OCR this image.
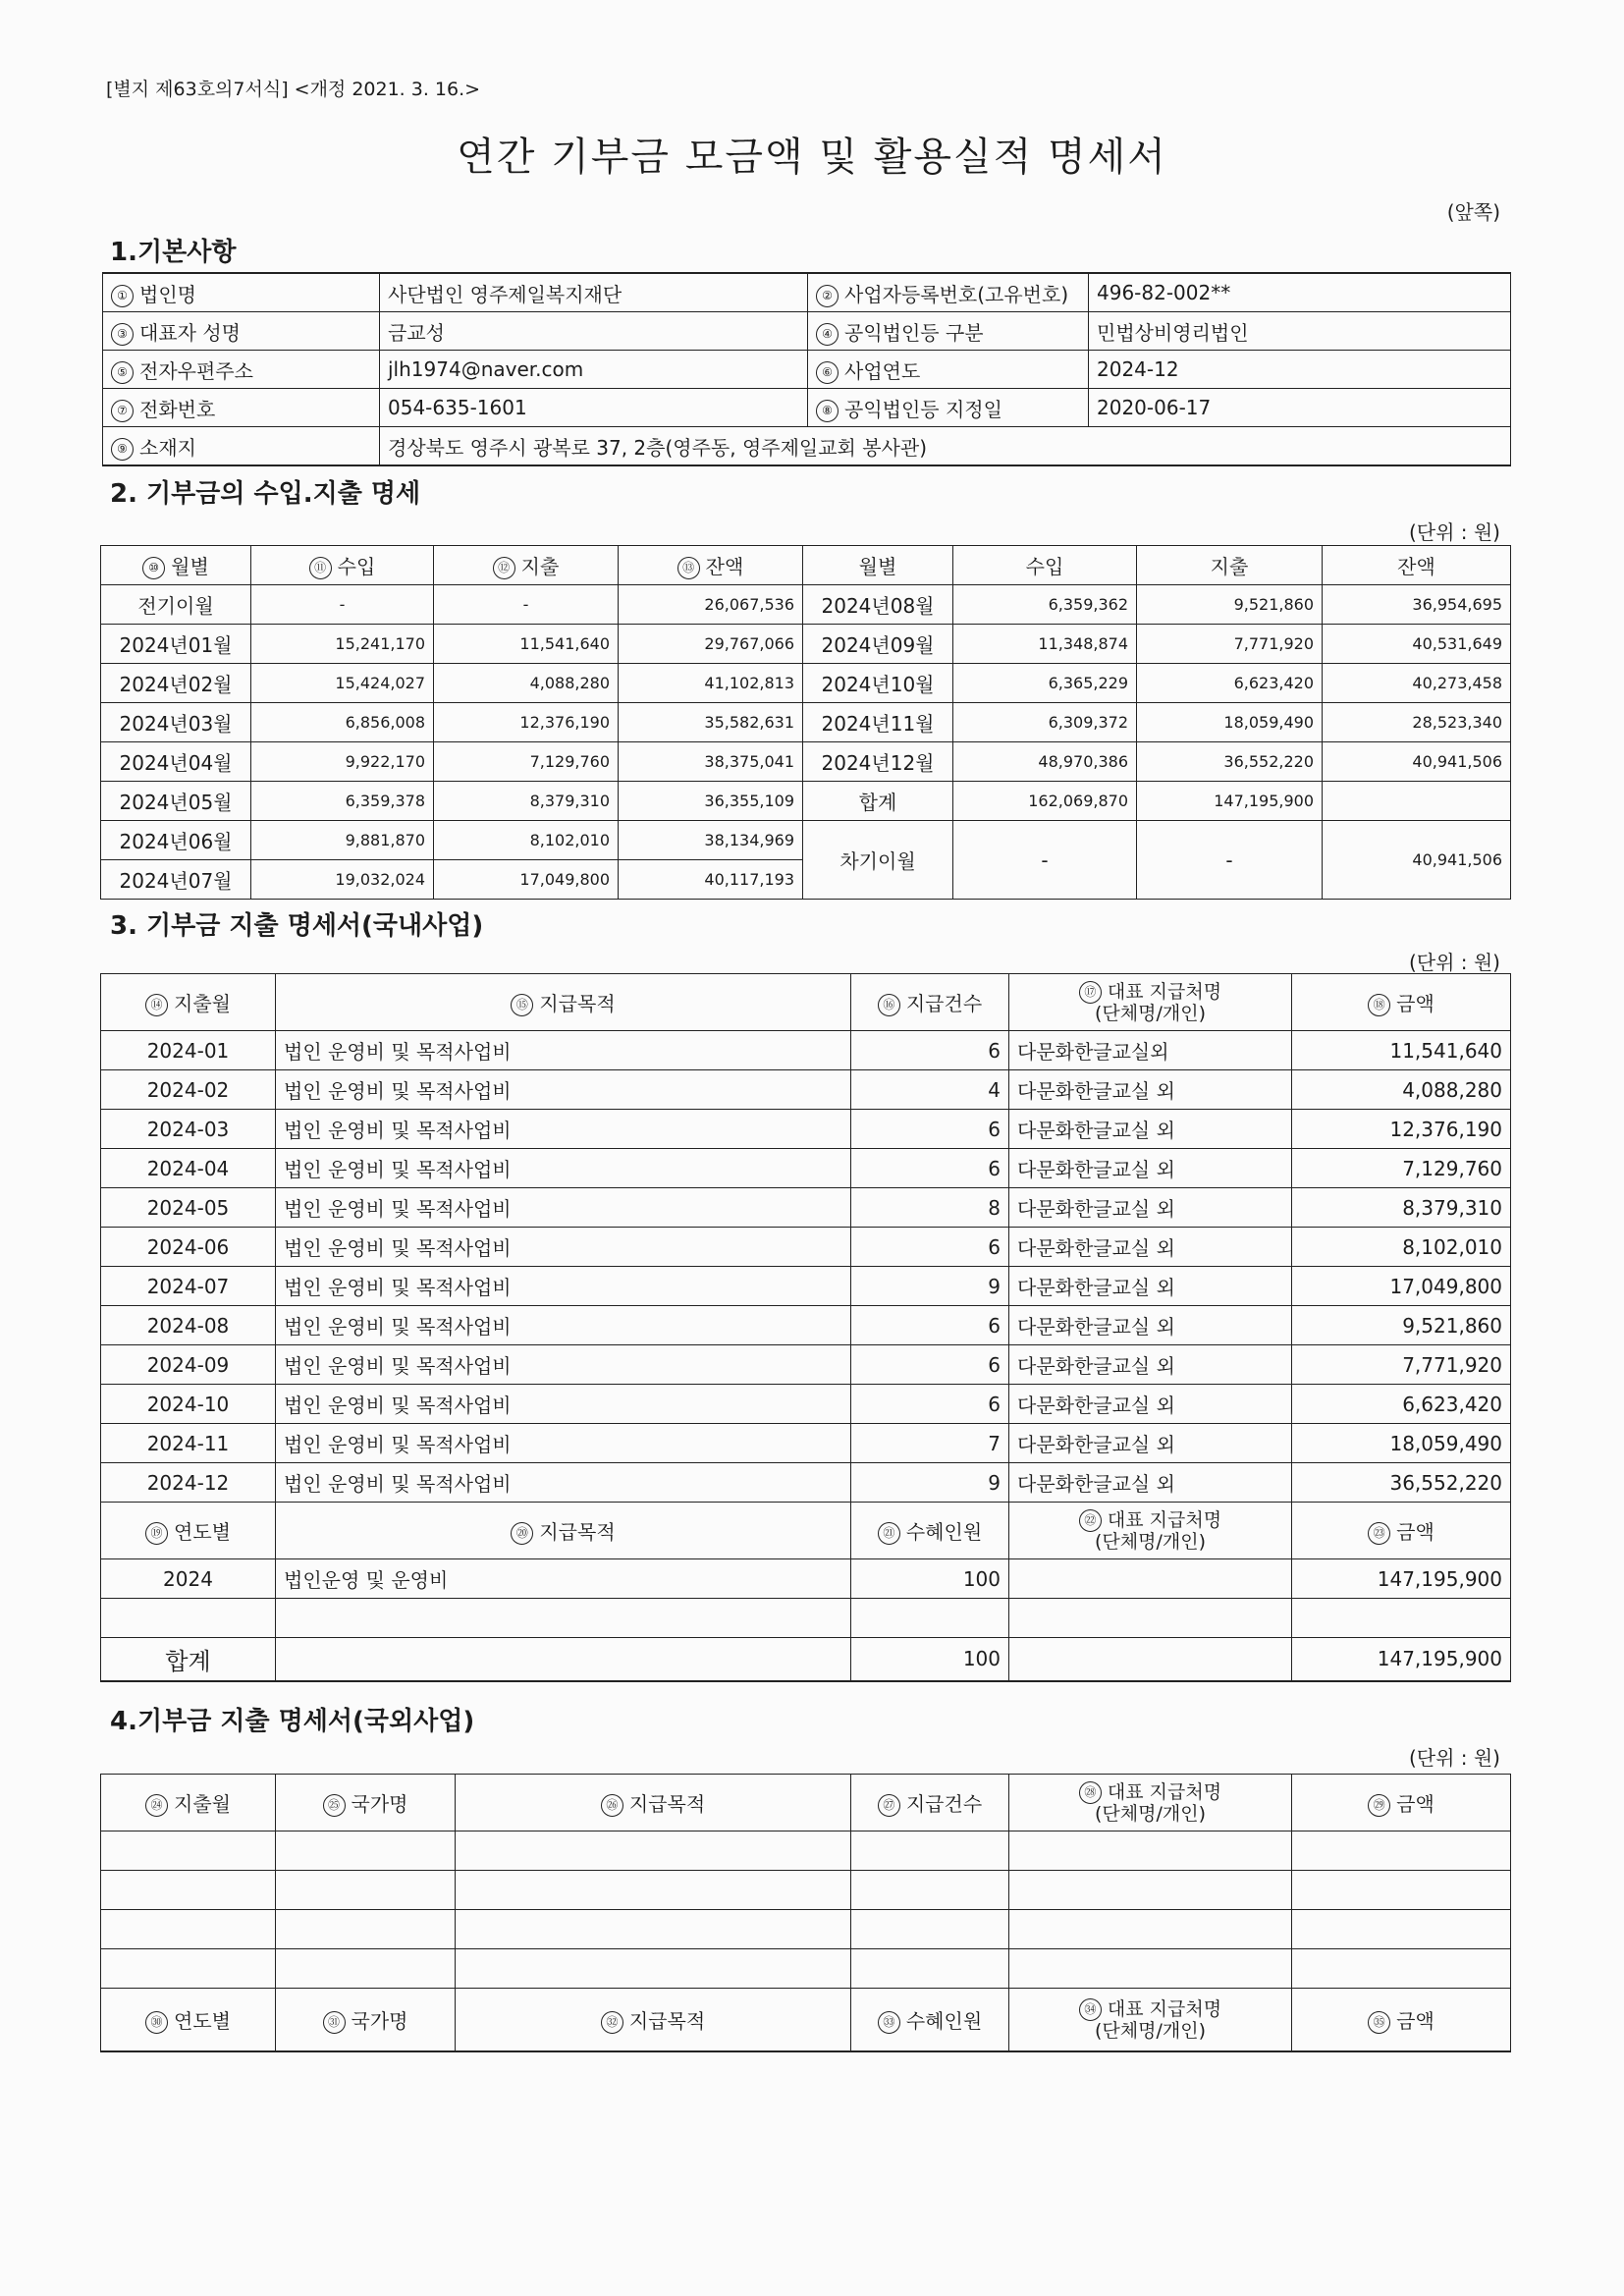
[별지 제63호의7서식] <개정 2021. 3. 16.>
연간 기부금 모금액 및 활용실적 명세서
(앞쪽)
1.기본사항
① 법인명	사단법인 영주제일복지재단	② 사업자등록번호(고유번호)	496-82-002**
③ 대표자 성명	금교성	④ 공익법인등 구분	민법상비영리법인
⑤ 전자우편주소	jlh1974@naver.com	⑥ 사업연도	2024-12
⑦ 전화번호	054-635-1601	⑧ 공익법인등 지정일	2020-06-17
⑨ 소재지	경상북도 영주시 광복로 37, 2층(영주동, 영주제일교회 봉사관)		
2. 기부금의 수입.지출 명세
(단위 : 원)
⑩ 월별	⑪ 수입	⑫ 지출	⑬ 잔액	월별	수입	지출	잔액
전기이월	-	-	26,067,536	2024년08월	6,359,362	9,521,860	36,954,695
2024년01월	15,241,170	11,541,640	29,767,066	2024년09월	11,348,874	7,771,920	40,531,649
2024년02월	15,424,027	4,088,280	41,102,813	2024년10월	6,365,229	6,623,420	40,273,458
2024년03월	6,856,008	12,376,190	35,582,631	2024년11월	6,309,372	18,059,490	28,523,340
2024년04월	9,922,170	7,129,760	38,375,041	2024년12월	48,970,386	36,552,220	40,941,506
2024년05월	6,359,378	8,379,310	36,355,109	합계	162,069,870	147,195,900	
2024년06월	9,881,870	8,102,010	38,134,969	차기이월	-	-	40,941,506
2024년07월	19,032,024	17,049,800	40,117,193				
3. 기부금 지출 명세서(국내사업)
(단위 : 원)
⑭ 지출월	⑮ 지급목적	⑯ 지급건수	⑰ 대표 지급처명
(단체명/개인)	⑱ 금액
2024-01	법인 운영비 및 목적사업비	6	다문화한글교실외	11,541,640
2024-02	법인 운영비 및 목적사업비	4	다문화한글교실 외	4,088,280
2024-03	법인 운영비 및 목적사업비	6	다문화한글교실 외	12,376,190
2024-04	법인 운영비 및 목적사업비	6	다문화한글교실 외	7,129,760
2024-05	법인 운영비 및 목적사업비	8	다문화한글교실 외	8,379,310
2024-06	법인 운영비 및 목적사업비	6	다문화한글교실 외	8,102,010
2024-07	법인 운영비 및 목적사업비	9	다문화한글교실 외	17,049,800
2024-08	법인 운영비 및 목적사업비	6	다문화한글교실 외	9,521,860
2024-09	법인 운영비 및 목적사업비	6	다문화한글교실 외	7,771,920
2024-10	법인 운영비 및 목적사업비	6	다문화한글교실 외	6,623,420
2024-11	법인 운영비 및 목적사업비	7	다문화한글교실 외	18,059,490
2024-12	법인 운영비 및 목적사업비	9	다문화한글교실 외	36,552,220
⑲ 연도별	⑳ 지급목적	㉑ 수혜인원	㉒ 대표 지급처명
(단체명/개인)	㉓ 금액
2024	법인운영 및 운영비	100		147,195,900

합계		100		147,195,900
4.기부금 지출 명세서(국외사업)
(단위 : 원)
㉔ 지출월	㉕ 국가명	㉖ 지급목적	㉗ 지급건수	㉘ 대표 지급처명
(단체명/개인)	㉙ 금액

㉚ 연도별	㉛ 국가명	㉜ 지급목적	㉝ 수혜인원	㉞ 대표 지급처명
(단체명/개인)	㉟ 금액
